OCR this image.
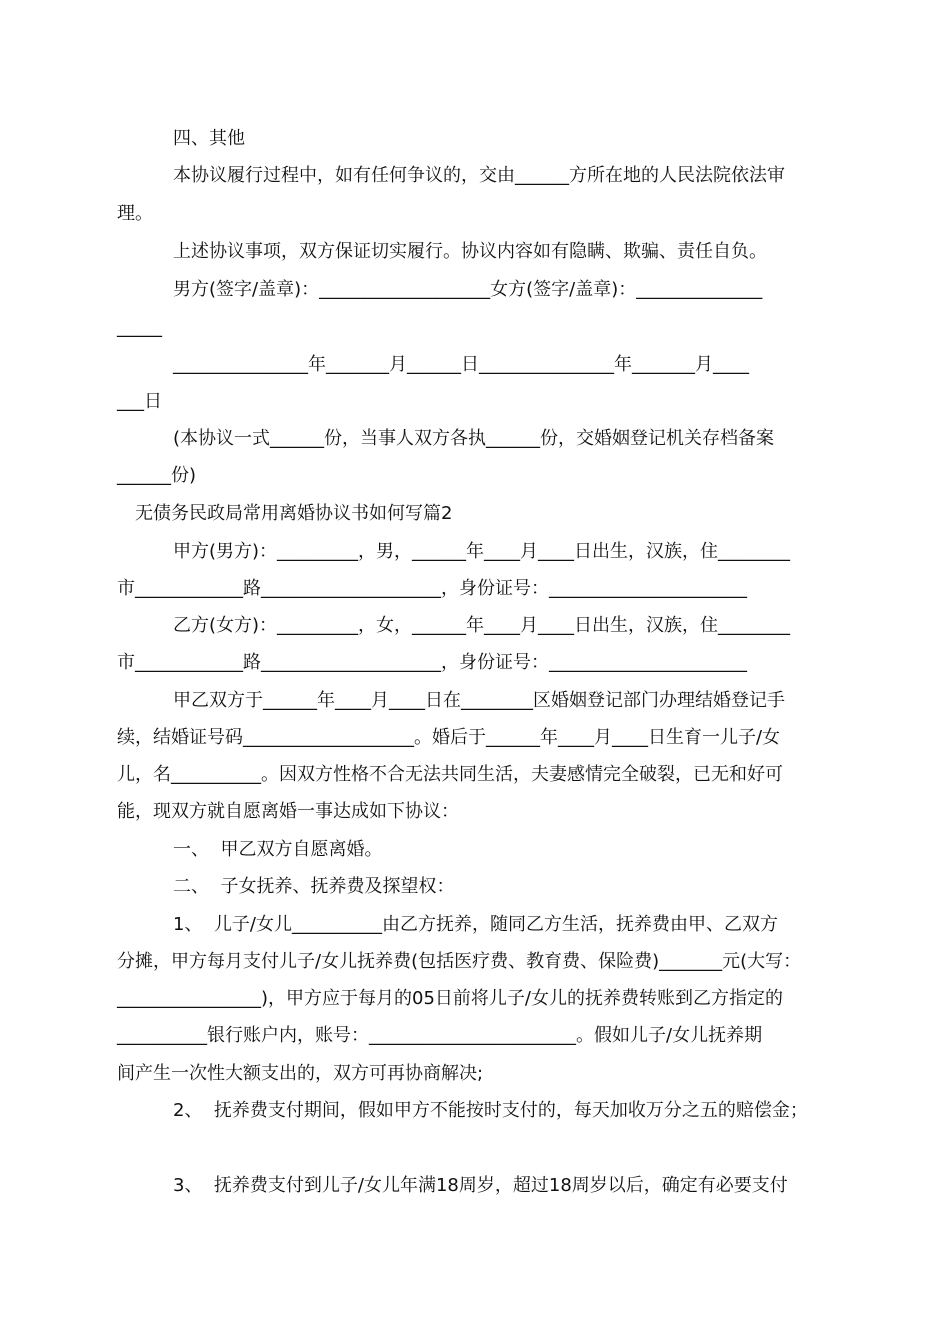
四、其他
本协议履行过程中，如有任何争议的，交由______方所在地的人民法院依法审
理。
上述协议事项，双方保证切实履行。协议内容如有隐瞒、欺骗、责任自负。
男方(签字/盖章)：___________________女方(签字/盖章)：______________
_____
_______________年_______月______日_______________年_______月____
___日
(本协议一式______份，当事人双方各执______份，交婚姻登记机关存档备案
______份)
无债务民政局常用离婚协议书如何写篇2
甲方(男方)：_________，男，______年____月____日出生，汉族，住________
市____________路____________________，身份证号：______________________
乙方(女方)：_________，女，______年____月____日出生，汉族，住________
市____________路____________________，身份证号：______________________
甲乙双方于______年____月____日在________区婚姻登记部门办理结婚登记手
续，结婚证号码___________________。婚后于______年____月____日生育一儿子/女
儿，名__________。因双方性格不合无法共同生活，夫妻感情完全破裂，已无和好可
能，现双方就自愿离婚一事达成如下协议：
一、  甲乙双方自愿离婚。
二、  子女抚养、抚养费及探望权：
1、  儿子/女儿__________由乙方抚养，随同乙方生活，抚养费由甲、乙双方
分摊，甲方每月支付儿子/女儿抚养费(包括医疗费、教育费、保险费)_______元(大写：
________________)，甲方应于每月的05日前将儿子/女儿的抚养费转账到乙方指定的
__________银行账户内，账号：_______________________。假如儿子/女儿抚养期
间产生一次性大额支出的，双方可再协商解决;
2、  抚养费支付期间，假如甲方不能按时支付的，每天加收万分之五的赔偿金；
3、  抚养费支付到儿子/女儿年满18周岁，超过18周岁以后，确定有必要支付
